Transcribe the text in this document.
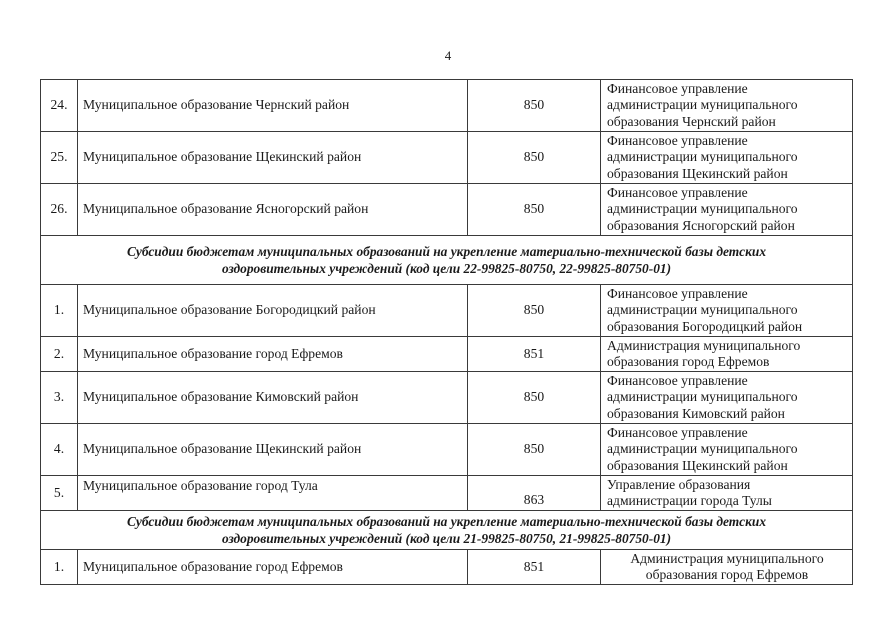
4
24.	Муниципальное образование Чернский район	850	Финансовое управление
администрации муниципального
образования Чернский район

25.	Муниципальное образование Щекинский район	850	Финансовое управление
администрации муниципального
образования Щекинский район

26.	Муниципальное образование Ясногорский район	850	Финансовое управление
администрации муниципального
образования Ясногорский район

Субсидии бюджетам муниципальных образований на укрепление материально-технической базы детских
оздоровительных учреждений (код цели 22-99825-80750, 22-99825-80750-01)			

1.	Муниципальное образование Богородицкий район	850	Финансовое управление
администрации муниципального
образования Богородицкий район

2.	Муниципальное образование город Ефремов	851	Администрация муниципального
образования город Ефремов

3.	Муниципальное образование Кимовский район	850	Финансовое управление
администрации муниципального
образования Кимовский район

4.	Муниципальное образование Щекинский район	850	Финансовое управление
администрации муниципального
образования Щекинский район

5.	Муниципальное образование город Тула	863	Управление образования
администрации города Тулы

Субсидии бюджетам муниципальных образований на укрепление материально-технической базы детских
оздоровительных учреждений (код цели 21-99825-80750, 21-99825-80750-01)			

1.	Муниципальное образование город Ефремов	851	Администрация муниципального
образования город Ефремов
